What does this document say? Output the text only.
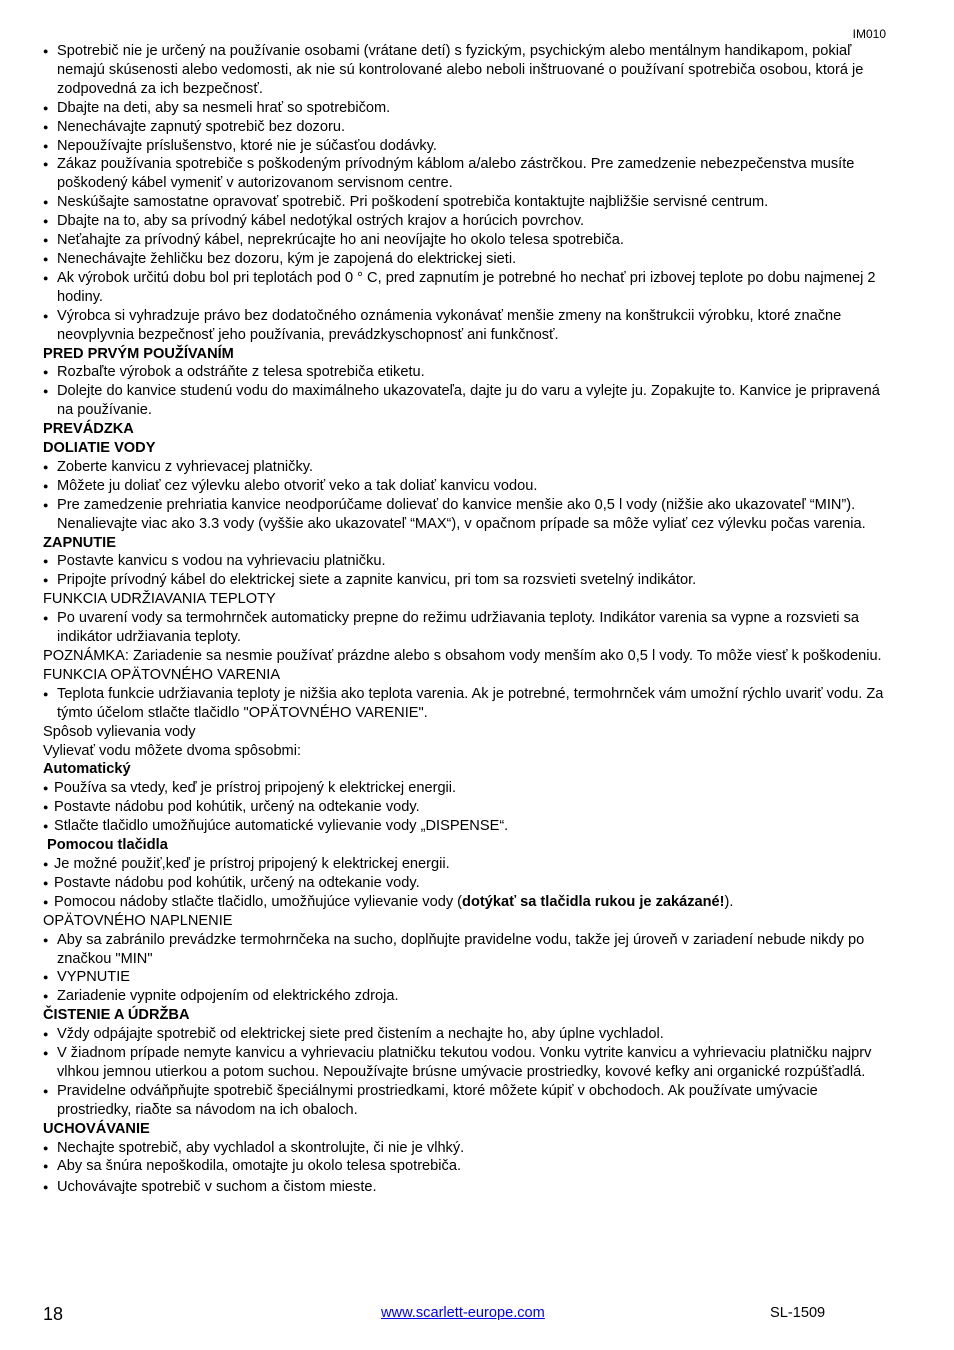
IM010
● Spotrebič nie je určený na používanie osobami (vrátane detí) s fyzickým, psychickým alebo mentálnym handikapom, pokiaľ nemajú skúsenosti alebo vedomosti, ak nie sú kontrolované alebo neboli inštruované o používaní spotrebiča osobou, ktorá je zodpovedná za ich bezpečnosť.
● Dbajte na deti, aby sa nesmeli hrať so spotrebičom.
● Nenechávajte zapnutý spotrebič bez dozoru.
● Nepoužívajte príslušenstvo, ktoré nie je súčasťou dodávky.
● Zákaz používania spotrebiče s poškodeným prívodným káblom a/alebo zástrčkou. Pre zamedzenie nebezpečenstva musíte poškodený kábel vymeniť v autorizovanom servisnom centre.
● Neskúšajte samostatne opravovať spotrebič. Pri poškodení spotrebiča kontaktujte najbližšie servisné centrum.
● Dbajte na to, aby sa prívodný kábel nedotýkal ostrých krajov a horúcich povrchov.
● Neťahajte za prívodný kábel, neprekrúcajte ho ani neovíjajte ho okolo telesa spotrebiča.
● Nenechávajte žehličku bez dozoru, kým je zapojená do elektrickej sieti.
● Ak výrobok určitú dobu bol pri teplotách pod 0 ° C, pred zapnutím je potrebné ho nechať pri izbovej teplote po dobu najmenej 2 hodiny.
● Výrobca si vyhradzuje právo bez dodatočného oznámenia vykonávať menšie zmeny na konštrukcii výrobku, ktoré značne neovplyvnia bezpečnosť jeho používania, prevádzkyschopnosť ani funkčnosť.
PRED PRVÝM POUŽÍVANÍM
● Rozbaľte výrobok a odstráňte z telesa spotrebiča etiketu.
● Dolejte do kanvice studenú vodu do maximálneho ukazovateľa, dajte ju do varu a vylejte ju. Zopakujte to. Kanvice je pripravená na používanie.
PREVÁDZKA
DOLIATIE VODY
● Zoberte kanvicu z vyhrievacej platničky.
● Môžete ju doliať cez výlevku alebo otvoriť veko a tak doliať kanvicu vodou.
● Pre zamedzenie prehriatia kanvice neodporúčame dolievať do kanvice menšie ako 0,5 l vody (nižšie ako ukazovateľ “MIN”). Nenalievajte viac ako 3.3 vody (vyššie ako ukazovateľ “MAX“), v opačnom prípade sa môže vyliať cez výlevku počas varenia.
ZAPNUTIE
● Postavte kanvicu s vodou na vyhrievaciu platničku.
● Pripojte prívodný kábel do elektrickej siete a zapnite kanvicu, pri tom sa rozsvieti svetelný indikátor.
FUNKCIA UDRŽIAVANIA TEPLOTY
● Po uvarení vody sa termohrnček automaticky prepne do režimu udržiavania teploty. Indikátor varenia sa vypne a rozsvieti sa indikátor udržiavania teploty.
POZNÁMKA: Zariadenie sa nesmie používať prázdne alebo s obsahom vody menším ako 0,5 l vody. To môže viesť k poškodeniu.
FUNKCIA OPÄTOVNÉHO VARENIA
● Teplota funkcie udržiavania teploty je nižšia ako teplota varenia. Ak je potrebné, termohrnček vám umožní rýchlo uvariť vodu. Za týmto účelom stlačte tlačidlo "OPÄTOVNÉHO VARENIE".
Spôsob vylievania vody
Vylievať vodu môžete dvoma spôsobmi:
Automatický
● Používa sa vtedy, keď je prístroj pripojený k elektrickej energii.
● Postavte nádobu pod kohútik, určený na odtekanie vody.
● Stlačte tlačidlo umožňujúce automatické vylievanie vody „DISPENSE“.
Pomocou tlačidla
● Je možné použiť,keď je prístroj pripojený k elektrickej energii.
● Postavte nádobu pod kohútik, určený na odtekanie vody.
● Pomocou nádoby stlačte tlačidlo, umožňujúce vylievanie vody (dotýkať sa tlačidla rukou je zakázané!).
OPÄTOVNÉHO NAPLNENIE
● Aby sa zabránilo prevádzke termohrnčeka na sucho, doplňujte pravidelne vodu, takže jej úroveň v zariadení nebude nikdy po značkou "MIN"
● VYPNUTIE
● Zariadenie vypnite odpojením od elektrického zdroja.
ČISTENIE A ÚDRŽBA
● Vždy odpájajte spotrebič od elektrickej siete pred čistením a nechajte ho, aby úplne vychladol.
● V žiadnom prípade nemyte kanvicu a vyhrievaciu platničku tekutou vodou. Vonku vytrite kanvicu a vyhrievaciu platničku najprv vlhkou jemnou utierkou a potom suchou. Nepoužívajte brúsne umývacie prostriedky, kovové kefky ani organické rozpúšťadlá.
● Pravidelne odváňpňujte spotrebič špeciálnymi prostriedkami, ktoré môžete kúpiť v obchodoch. Ak používate umývacie prostriedky, riaδte sa návodom na ich obaloch.
UCHOVÁVANIE
● Nechajte spotrebič, aby vychladol a skontrolujte, či nie je vlhký.
● Aby sa šnúra nepoškodila, omotajte ju okolo telesa spotrebiča.
● Uchovávajte spotrebič v suchom a čistom mieste.
18	www.scarlett-europe.com	SL-1509
